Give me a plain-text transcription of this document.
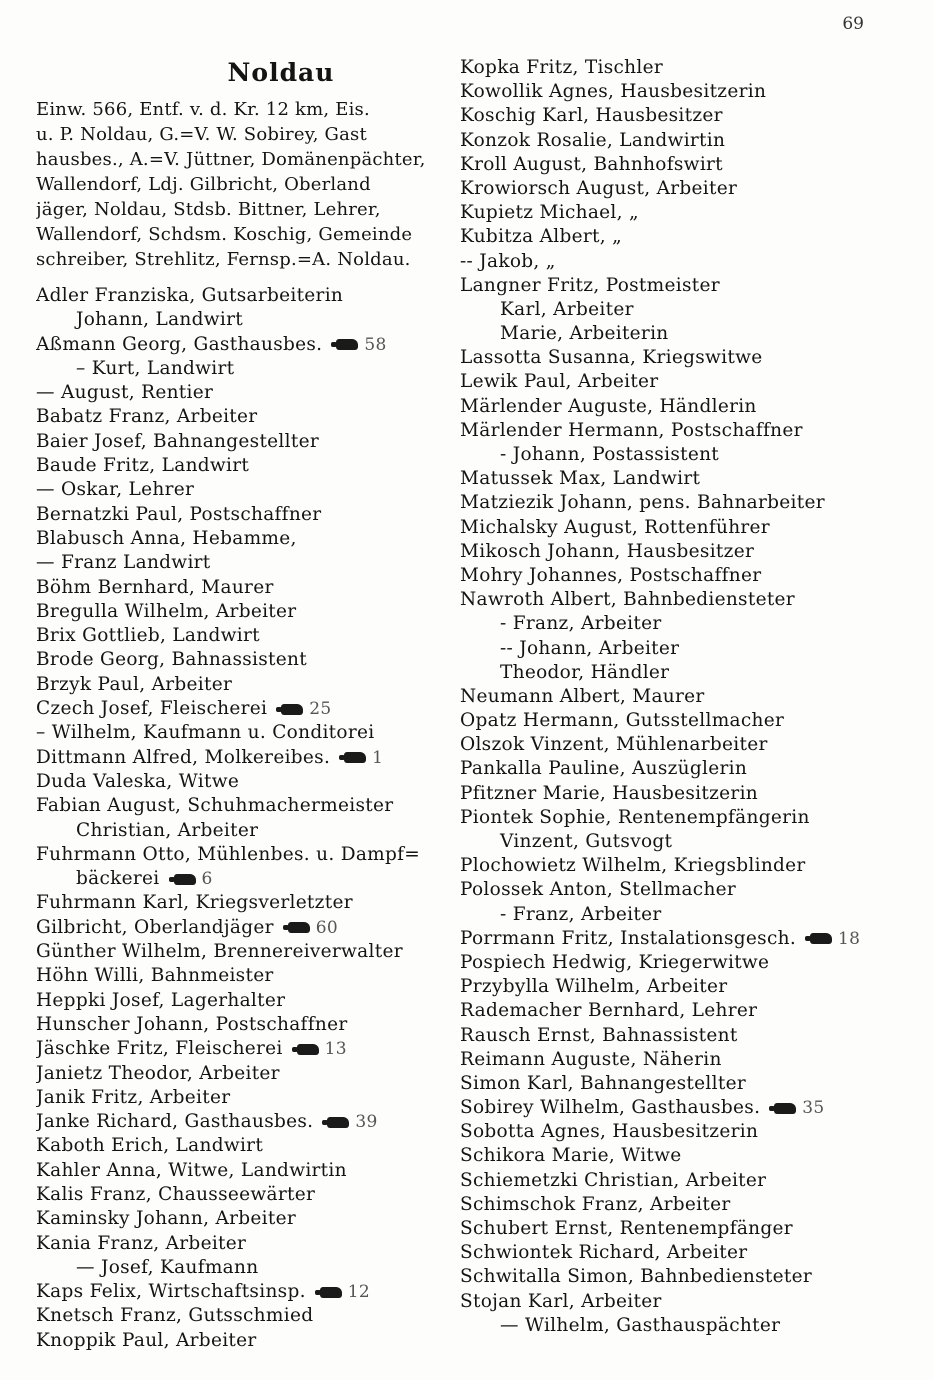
69
Noldau

Einw. 566, Entf. v. d. Kr. 12 km, Eis.

u. P. Noldau, G.=V. W. Sobirey, Gast

hausbes., A.=V. Jüttner, Domänenpächter,

Wallendorf, Ldj. Gilbricht, Oberland

jäger, Noldau, Stdsb. Bittner, Lehrer,

Wallendorf, Schdsm. Koschig, Gemeinde

schreiber, Strehlitz, Fernsp.=A. Noldau.

Adler Franziska, Gutsarbeiterin
Johann, Landwirt
Aßmann Georg, Gasthausbes. 58
– Kurt, Landwirt
— August, Rentier
Babatz Franz, Arbeiter
Baier Josef, Bahnangestellter
Baude Fritz, Landwirt
— Oskar, Lehrer
Bernatzki Paul, Postschaffner
Blabusch Anna, Hebamme,
— Franz Landwirt
Böhm Bernhard, Maurer
Bregulla Wilhelm, Arbeiter
Brix Gottlieb, Landwirt
Brode Georg, Bahnassistent
Brzyk Paul, Arbeiter
Czech Josef, Fleischerei 25
– Wilhelm, Kaufmann u. Conditorei
Dittmann Alfred, Molkereibes. 1
Duda Valeska, Witwe
Fabian August, Schuhmachermeister
Christian, Arbeiter
Fuhrmann Otto, Mühlenbes. u. Dampf=
bäckerei 6
Fuhrmann Karl, Kriegsverletzter
Gilbricht, Oberlandjäger 60
Günther Wilhelm, Brennereiverwalter
Höhn Willi, Bahnmeister
Heppki Josef, Lagerhalter
Hunscher Johann, Postschaffner
Jäschke Fritz, Fleischerei 13
Janietz Theodor, Arbeiter
Janik Fritz, Arbeiter
Janke Richard, Gasthausbes. 39
Kaboth Erich, Landwirt
Kahler Anna, Witwe, Landwirtin
Kalis Franz, Chausseewärter
Kaminsky Johann, Arbeiter
Kania Franz, Arbeiter
— Josef, Kaufmann
Kaps Felix, Wirtschaftsinsp. 12
Knetsch Franz, Gutsschmied
Knoppik Paul, Arbeiter
Kopka Fritz, Tischler
Kowollik Agnes, Hausbesitzerin
Koschig Karl, Hausbesitzer
Konzok Rosalie, Landwirtin
Kroll August, Bahnhofswirt
Krowiorsch August, Arbeiter
Kupietz Michael, „
Kubitza Albert, „
-- Jakob, „
Langner Fritz, Postmeister
Karl, Arbeiter
Marie, Arbeiterin
Lassotta Susanna, Kriegswitwe
Lewik Paul, Arbeiter
Märlender Auguste, Händlerin
Märlender Hermann, Postschaffner
- Johann, Postassistent
Matussek Max, Landwirt
Matziezik Johann, pens. Bahnarbeiter
Michalsky August, Rottenführer
Mikosch Johann, Hausbesitzer
Mohry Johannes, Postschaffner
Nawroth Albert, Bahnbediensteter
- Franz, Arbeiter
-- Johann, Arbeiter
Theodor, Händler
Neumann Albert, Maurer
Opatz Hermann, Gutsstellmacher
Olszok Vinzent, Mühlenarbeiter
Pankalla Pauline, Auszüglerin
Pfitzner Marie, Hausbesitzerin
Piontek Sophie, Rentenempfängerin
Vinzent, Gutsvogt
Plochowietz Wilhelm, Kriegsblinder
Polossek Anton, Stellmacher
- Franz, Arbeiter
Porrmann Fritz, Instalationsgesch. 18
Pospiech Hedwig, Kriegerwitwe
Przybylla Wilhelm, Arbeiter
Rademacher Bernhard, Lehrer
Rausch Ernst, Bahnassistent
Reimann Auguste, Näherin
Simon Karl, Bahnangestellter
Sobirey Wilhelm, Gasthausbes. 35
Sobotta Agnes, Hausbesitzerin
Schikora Marie, Witwe
Schiemetzki Christian, Arbeiter
Schimschok Franz, Arbeiter
Schubert Ernst, Rentenempfänger
Schwiontek Richard, Arbeiter
Schwitalla Simon, Bahnbediensteter
Stojan Karl, Arbeiter
— Wilhelm, Gasthauspächter
